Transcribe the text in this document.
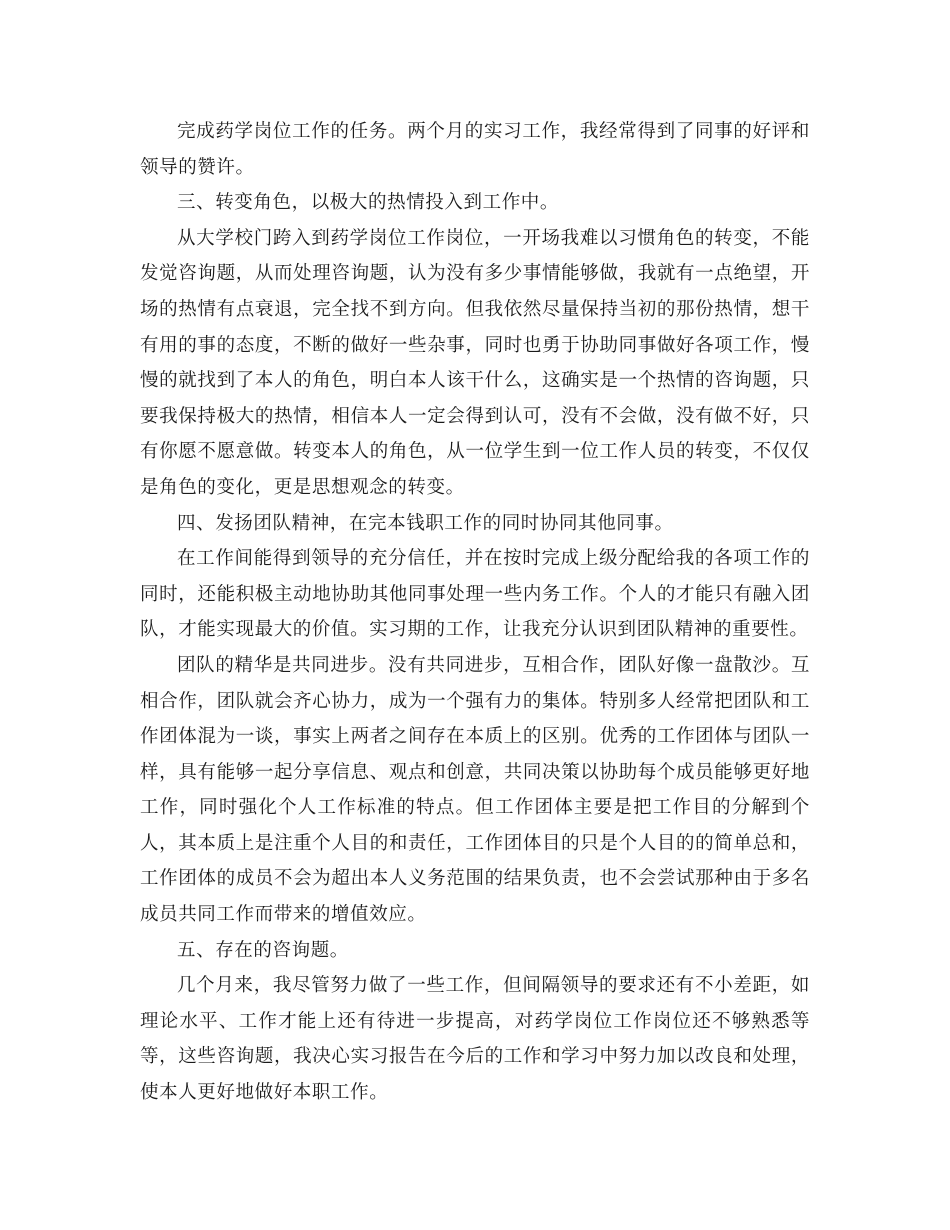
完成药学岗位工作的任务。两个月的实习工作，我经常得到了同事的好评和领导的赞许。

三、转变角色，以极大的热情投入到工作中。

从大学校门跨入到药学岗位工作岗位，一开场我难以习惯角色的转变，不能发觉咨询题，从而处理咨询题，认为没有多少事情能够做，我就有一点绝望，开场的热情有点衰退，完全找不到方向。但我依然尽量保持当初的那份热情，想干有用的事的态度，不断的做好一些杂事，同时也勇于协助同事做好各项工作，慢慢的就找到了本人的角色，明白本人该干什么，这确实是一个热情的咨询题，只要我保持极大的热情，相信本人一定会得到认可，没有不会做，没有做不好，只有你愿不愿意做。转变本人的角色，从一位学生到一位工作人员的转变，不仅仅是角色的变化，更是思想观念的转变。

四、发扬团队精神，在完本钱职工作的同时协同其他同事。

在工作间能得到领导的充分信任，并在按时完成上级分配给我的各项工作的同时，还能积极主动地协助其他同事处理一些内务工作。个人的才能只有融入团队，才能实现最大的价值。实习期的工作，让我充分认识到团队精神的重要性。

团队的精华是共同进步。没有共同进步，互相合作，团队好像一盘散沙。互相合作，团队就会齐心协力，成为一个强有力的集体。特别多人经常把团队和工作团体混为一谈，事实上两者之间存在本质上的区别。优秀的工作团体与团队一样，具有能够一起分享信息、观点和创意，共同决策以协助每个成员能够更好地工作，同时强化个人工作标准的特点。但工作团体主要是把工作目的分解到个人，其本质上是注重个人目的和责任，工作团体目的只是个人目的的简单总和，工作团体的成员不会为超出本人义务范围的结果负责，也不会尝试那种由于多名成员共同工作而带来的增值效应。

五、存在的咨询题。

几个月来，我尽管努力做了一些工作，但间隔领导的要求还有不小差距，如理论水平、工作才能上还有待进一步提高，对药学岗位工作岗位还不够熟悉等等，这些咨询题，我决心实习报告在今后的工作和学习中努力加以改良和处理，使本人更好地做好本职工作。
